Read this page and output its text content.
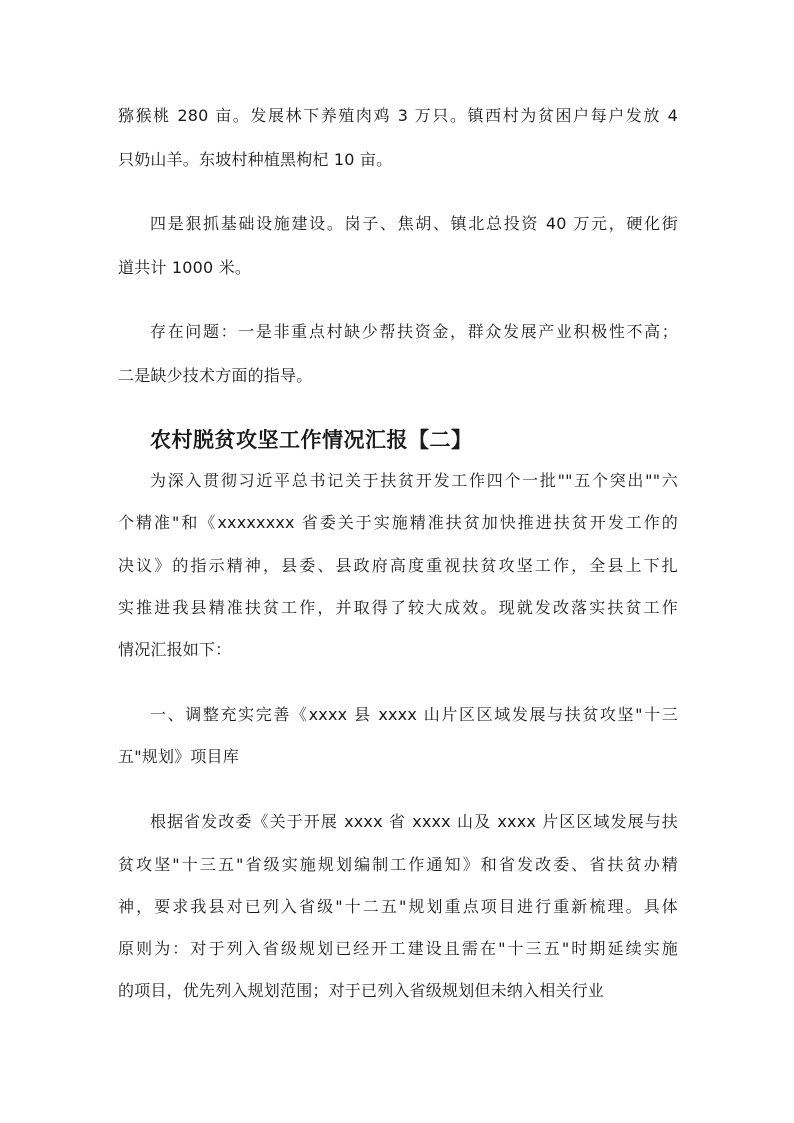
猕猴桃 280 亩。发展林下养殖肉鸡 3 万只。镇西村为贫困户每户发放 4
只奶山羊。东坡村种植黑枸杞 10 亩。
四是狠抓基础设施建设。岗子、焦胡、镇北总投资 40 万元，硬化街
道共计 1000 米。
存在问题：一是非重点村缺少帮扶资金，群众发展产业积极性不高；
二是缺少技术方面的指导。
农村脱贫攻坚工作情况汇报【二】
为深入贯彻习近平总书记关于扶贫开发工作四个一批""五个突出""六
个精准"和《xxxxxxxx 省委关于实施精准扶贫加快推进扶贫开发工作的
决议》的指示精神，县委、县政府高度重视扶贫攻坚工作，全县上下扎
实推进我县精准扶贫工作，并取得了较大成效。现就发改落实扶贫工作
情况汇报如下：
一、调整充实完善《xxxx 县 xxxx 山片区区域发展与扶贫攻坚"十三
五"规划》项目库
根据省发改委《关于开展 xxxx 省 xxxx 山及 xxxx 片区区域发展与扶
贫攻坚"十三五"省级实施规划编制工作通知》和省发改委、省扶贫办精
神，要求我县对已列入省级"十二五"规划重点项目进行重新梳理。具体
原则为：对于列入省级规划已经开工建设且需在"十三五"时期延续实施
的项目，优先列入规划范围；对于已列入省级规划但未纳入相关行业
